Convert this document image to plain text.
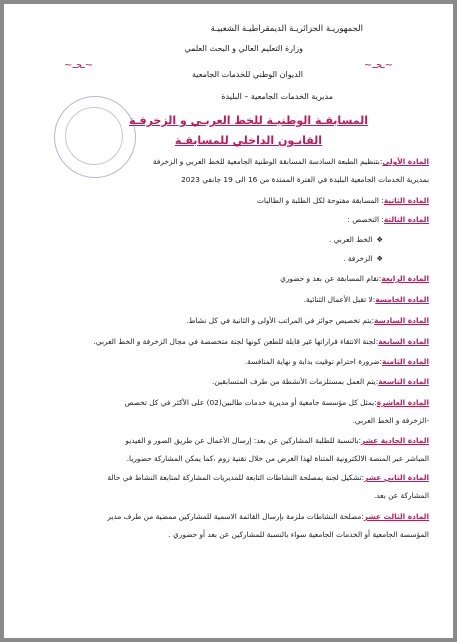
الجمهوريـة الجزائريـة الديمقراطيـة الشعبيـة
وزارة التعليم العالي و البحث العلمي
الديوان الوطني للخدمات الجامعية
مديرية الخدمات الجامعية – البليدة
~ـحـ~	~ـحـ~
المسابقـة الوطنيـة للخط العربـي و الزخرفـة
القانـون الداخلي للمسابقـة
المادة الأولى:بتنظيم الطبعة السادسة المسابقة الوطنية الجامعية للخط العربي و الزخرفة
بمديرية الخدمات الجامعية البليدة في الفترة الممتدة من 16 الى 19 جانفي 2023
المادة الثانية: المسابقة مفتوحة لكل الطلبة و الطالبات
المادة الثالثة: التخصص :
❖الخط العربي .
❖الزخرفة .
المادة الرابعة:تقام المسابقة عن بعد و حضوري
المادة الخامسة:لا تقبل الأعمال الثنائية.
المادة السادسة:يتم تخصيص جوائز في المراتب الأولى و الثانية في كل نشاط.
المادة السابعة:لجنة الانتقاء قراراتها غير قابلة للطعن كونها لجنة متخصصة في مجال الزخرفة و الخط العربي.
المادة الثامنة:ضرورة احترام توقيت بداية و نهاية المنافسة.
المادة التاسعة:يتم العمل بمستلزمات الأنشطة من طرف المتسابقين.
المادة العاشرة:يمثل كل مؤسسة جامعية أو مديرية خدمات طالبين(02) على الأكثر في كل تخصص
-الزخرفة و الخط العربي.
المادة الحادية عشر:بالنسبة للطلبة المشاركين عن بعد: إرسال الأعمال عن طريق الصور و الفيديو
المباشر عبر المنصة الالكترونية المتناة لهذا الغرض من خلال تقنية زوم ،كما يمكن المشاركة حضوريا.
المادة الثاني عشر:تشكيل لجنة بمصلحة النشاطات التابعة للمديريات المشاركة لمتابعة النشاط في حالة
المشاركة عن بعد.
المادة الثالث عشر:مصلحة النشاطات ملزمة بإرسال القائمة الاسمية للمشاركين ممضية من طرف مدير
المؤسسة الجامعية أو الخدمات الجامعية سواء بالنسبة للمشاركين عن بعد أو حضوري .
